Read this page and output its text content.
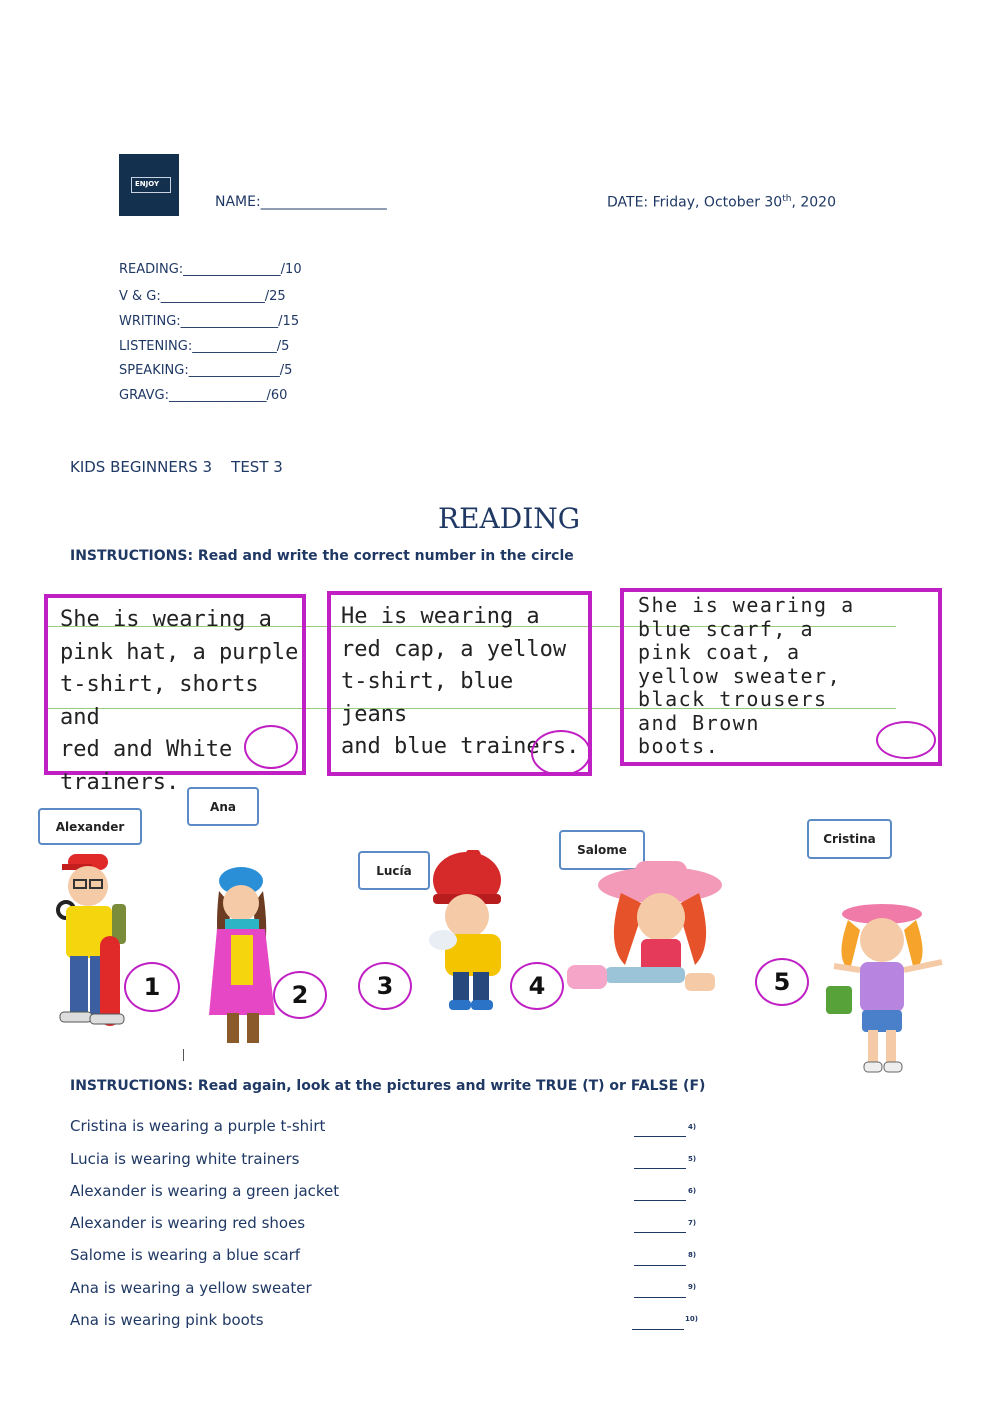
ENJOY
NAME:__________________	DATE: Friday, October 30th, 2020
READING:_______________/10
V & G:________________/25
WRITING:_______________/15
LISTENING:_____________/5
SPEAKING:______________/5
GRAVG:_______________/60
KIDS BEGINNERS 3    TEST 3
READING
INSTRUCTIONS: Read and write the correct number in the circle
She is wearing a
pink hat, a purple
t-shirt, shorts and
red and White
trainers.
He is wearing a
red cap, a yellow
t-shirt, blue jeans
and blue trainers.
She is wearing a
blue scarf, a
pink coat, a
yellow sweater,
black trousers
and Brown
boots.
Alexander
Ana
Lucía
Salome
Cristina
1	2	3	4	5
INSTRUCTIONS: Read again, look at the pictures and write TRUE (T) or FALSE (F)
Cristina is wearing a purple t-shirt	4)
Lucia is wearing white trainers	5)
Alexander is wearing a green jacket	6)
Alexander is wearing red shoes	7)
Salome is wearing a blue scarf	8)
Ana is wearing a yellow sweater	9)
Ana is wearing pink boots	10)
